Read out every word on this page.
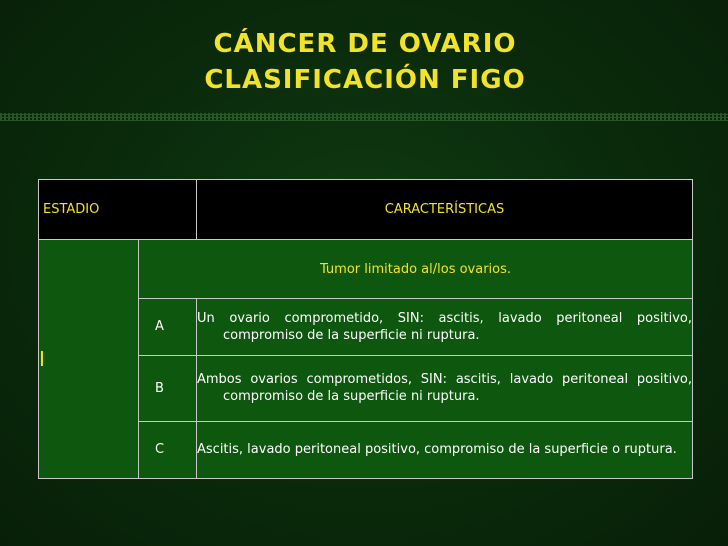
CÁNCER DE OVARIO
CLASIFICACIÓN FIGO
ESTADIO		CARACTERÍSTICAS
I	Tumor limitado al/los ovarios.	
	A	Un ovario comprometido, SIN: ascitis, lavado peritoneal positivo, compromiso de la superficie ni ruptura.

	B	Ambos ovarios comprometidos, SIN: ascitis, lavado peritoneal positivo, compromiso de la superficie ni ruptura.

	C	Ascitis, lavado peritoneal positivo, compromiso de la superficie o ruptura.
